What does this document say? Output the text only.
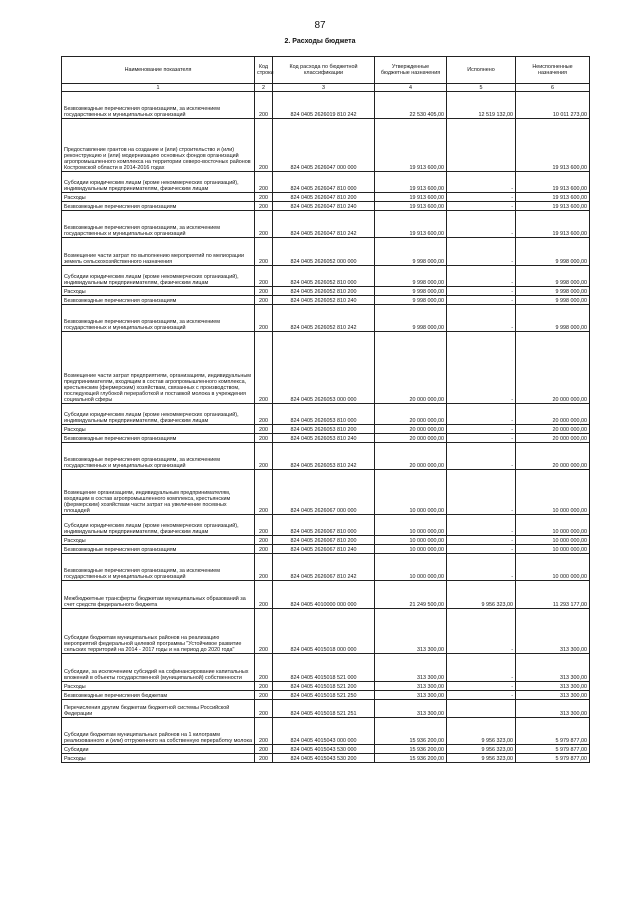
87
2. Расходы бюджета
Наименование показателя	Код строки	Код расхода по бюджетной классификации	Утвержденные бюджетные назначения	Исполнено	Неисполненные назначения
1	2	3	4	5	6
Безвозмездные перечисления организациям, за исключением государственных и муниципальных организаций	200	824 0405 2626019 810 242	22 530 405,00	12 519 132,00	10 011 273,00
Предоставление грантов на создание и (или) строительство и (или) реконструкцию и (или) модернизацию основных фондов организаций агропромышленного комплекса на территории северо-восточных районов Костромской области в 2014-2016 годах	200	824 0405 2626047 000 000	19 913 600,00		19 913 600,00
Субсидии юридическим лицам (кроме некоммерческих организаций), индивидуальным предпринимателям, физическим лицам	200	824 0405 2626047 810 000	19 913 600,00	-	19 913 600,00
Расходы	200	824 0405 2626047 810 200	19 913 600,00	-	19 913 600,00
Безвозмездные перечисления организациям	200	824 0405 2626047 810 240	19 913 600,00	-	19 913 600,00
Безвозмездные перечисления организациям, за исключением государственных и муниципальных организаций	200	824 0405 2626047 810 242	19 913 600,00	-	19 913 600,00
Возмещение части затрат по выполнению мероприятий по мелиорации земель сельскохозяйственного назначения	200	824 0405 2626052 000 000	9 998 000,00	-	9 998 000,00
Субсидии юридическим лицам (кроме некоммерческих организаций), индивидуальным предпринимателям, физическим лицам	200	824 0405 2626052 810 000	9 998 000,00	-	9 998 000,00
Расходы	200	824 0405 2626052 810 200	9 998 000,00	-	9 998 000,00
Безвозмездные перечисления организациям	200	824 0405 2626052 810 240	9 998 000,00	-	9 998 000,00
Безвозмездные перечисления организациям, за исключением государственных и муниципальных организаций	200	824 0405 2626052 810 242	9 998 000,00	-	9 998 000,00
Возмещение части затрат предприятиям, организациям, индивидуальным предпринимателям, входящим в состав агропромышленного комплекса, крестьянским (фермерским) хозяйствам, связанных с производством, последующей глубокой переработкой и поставкой молока в учреждения социальной сферы	200	824 0405 2626053 000 000	20 000 000,00	-	20 000 000,00
Субсидии юридическим лицам (кроме некоммерческих организаций), индивидуальным предпринимателям, физическим лицам	200	824 0405 2626053 810 000	20 000 000,00	-	20 000 000,00
Расходы	200	824 0405 2626053 810 200	20 000 000,00	-	20 000 000,00
Безвозмездные перечисления организациям	200	824 0405 2626053 810 240	20 000 000,00	-	20 000 000,00
Безвозмездные перечисления организациям, за исключением государственных и муниципальных организаций	200	824 0405 2626053 810 242	20 000 000,00	-	20 000 000,00
Возмещение организациям, индивидуальным предпринимателям, входящим в состав агропромышленного комплекса, крестьянским (фермерским) хозяйствам части затрат на увеличение посевных площадей	200	824 0405 2626067 000 000	10 000 000,00	-	10 000 000,00
Субсидии юридическим лицам (кроме некоммерческих организаций), индивидуальным предпринимателям, физическим лицам	200	824 0405 2626067 810 000	10 000 000,00	-	10 000 000,00
Расходы	200	824 0405 2626067 810 200	10 000 000,00	-	10 000 000,00
Безвозмездные перечисления организациям	200	824 0405 2626067 810 240	10 000 000,00	-	10 000 000,00
Безвозмездные перечисления организациям, за исключением государственных и муниципальных организаций	200	824 0405 2626067 810 242	10 000 000,00	-	10 000 000,00
Межбюджетные трансферты бюджетам муниципальных образований за счет средств федерального бюджета	200	824 0405 4010000 000 000	21 249 500,00	9 956 323,00	11 293 177,00
Субсидии бюджетам муниципальных районов на реализацию мероприятий федеральной целевой программы "Устойчивое развитие сельских территорий на 2014 - 2017 годы и на период до 2020 года"	200	824 0405 4015018 000 000	313 300,00	-	313 300,00
Субсидии, за исключением субсидий на софинансирование капитальных вложений в объекты государственной (муниципальной) собственности	200	824 0405 4015018 521 000	313 300,00	-	313 300,00
Расходы	200	824 0405 4015018 521 200	313 300,00	-	313 300,00
Безвозмездные перечисления бюджетам	200	824 0405 4015018 521 250	313 300,00	-	313 300,00
Перечисления другим бюджетам бюджетной системы Российской Федерации	200	824 0405 4015018 521 251	313 300,00		313 300,00
Субсидии бюджетам муниципальных районов на 1 килограмм реализованного и (или) отгруженного на собственную переработку молока	200	824 0405 4015043 000 000	15 936 200,00	9 956 323,00	5 979 877,00
Субсидии	200	824 0405 4015043 530 000	15 936 200,00	9 956 323,00	5 979 877,00
Расходы	200	824 0405 4015043 530 200	15 936 200,00	9 956 323,00	5 979 877,00
